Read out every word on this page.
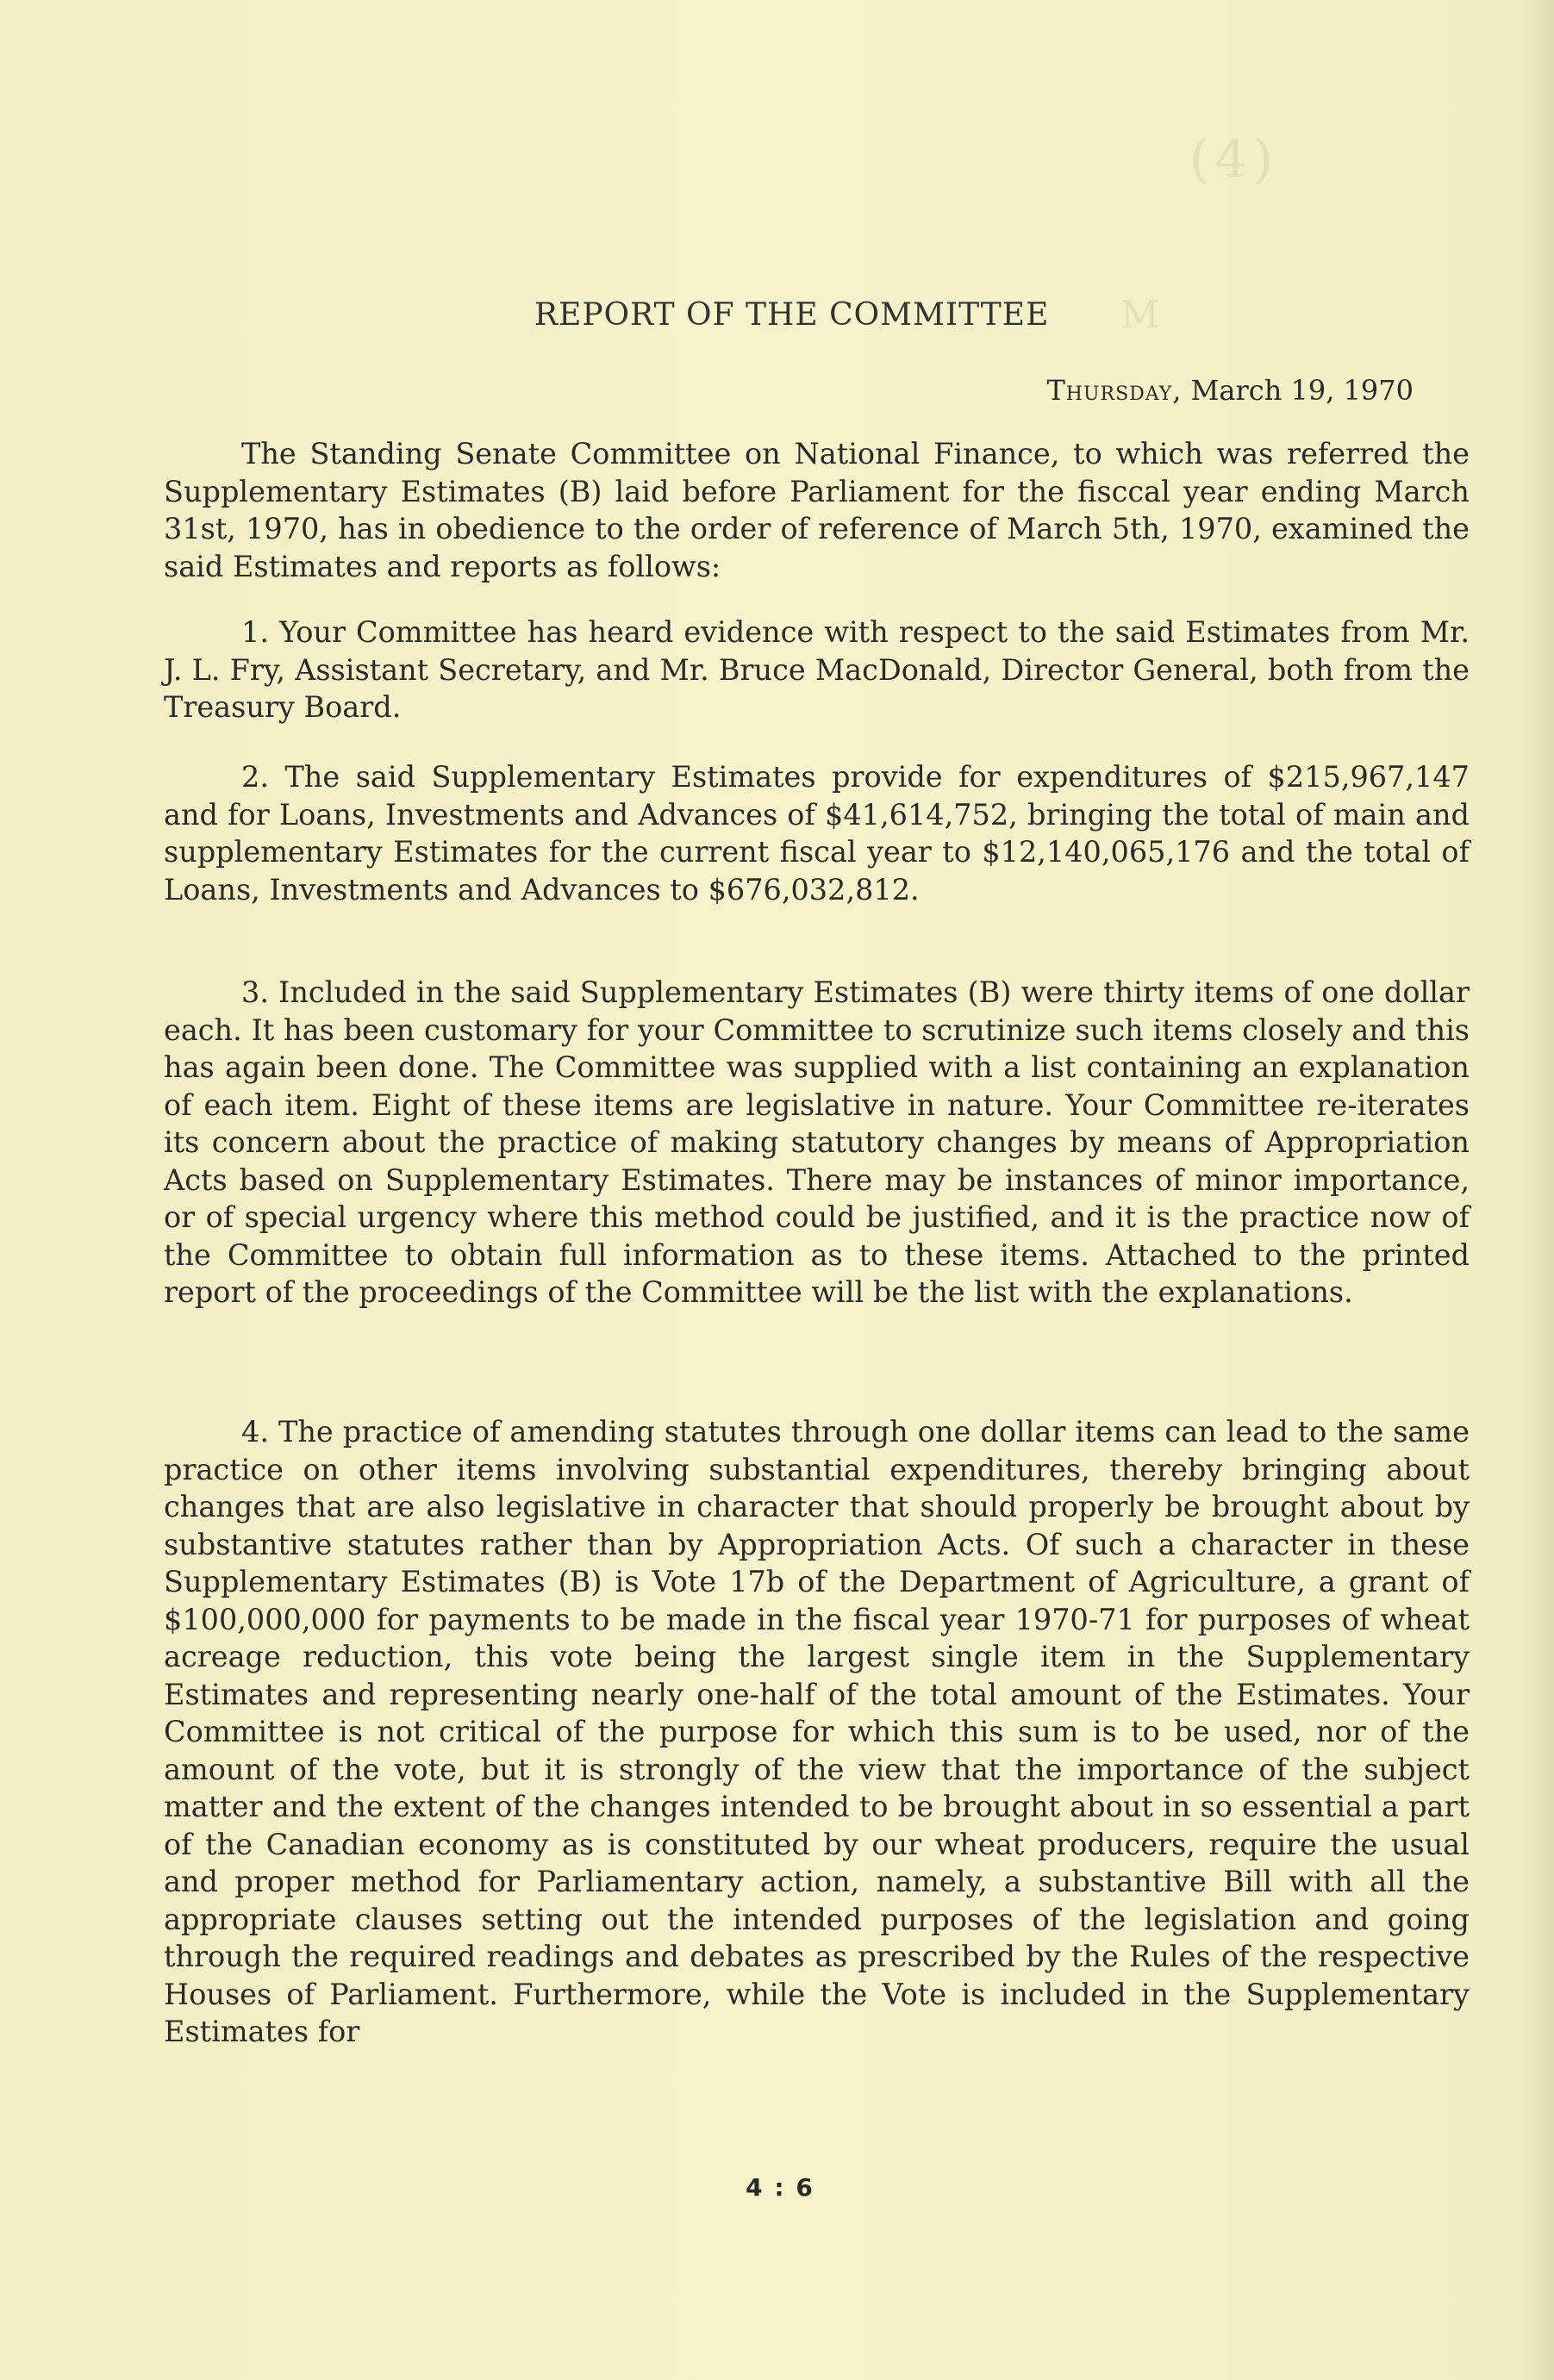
M
(4)
REPORT OF THE COMMITTEE
Thursday, March 19, 1970

The Standing Senate Committee on National Finance, to which was referred the Supplementary Estimates (B) laid before Parliament for the fisccal year ending March 31st, 1970, has in obedience to the order of reference of March 5th, 1970, examined the said Estimates and reports as follows:

1. Your Committee has heard evidence with respect to the said Estimates from Mr. J. L. Fry, Assistant Secretary, and Mr. Bruce MacDonald, Director General, both from the Treasury Board.

2. The said Supplementary Estimates provide for expenditures of $215,967,147 and for Loans, Investments and Advances of $41,614,752, bringing the total of main and supplementary Estimates for the current fiscal year to $12,140,065,176 and the total of Loans, Investments and Advances to $676,032,812.

3. Included in the said Supplementary Estimates (B) were thirty items of one dollar each. It has been customary for your Committee to scrutinize such items closely and this has again been done. The Committee was supplied with a list containing an explanation of each item. Eight of these items are legislative in nature. Your Committee re-iterates its concern about the practice of making statutory changes by means of Appropriation Acts based on Supplementary Estimates. There may be instances of minor importance, or of special urgency where this method could be justified, and it is the practice now of the Committee to obtain full information as to these items. Attached to the printed report of the proceedings of the Committee will be the list with the explanations.

4. The practice of amending statutes through one dollar items can lead to the same practice on other items involving substantial expenditures, thereby bringing about changes that are also legislative in character that should properly be brought about by substantive statutes rather than by Appropriation Acts. Of such a character in these Supplementary Estimates (B) is Vote 17b of the Department of Agriculture, a grant of $100,000,000 for payments to be made in the fiscal year 1970-71 for purposes of wheat acreage reduction, this vote being the largest single item in the Supplementary Estimates and representing nearly one-half of the total amount of the Estimates. Your Committee is not critical of the purpose for which this sum is to be used, nor of the amount of the vote, but it is strongly of the view that the importance of the subject matter and the extent of the changes intended to be brought about in so essential a part of the Canadian economy as is constituted by our wheat producers, require the usual and proper method for Parliamentary action, namely, a substantive Bill with all the appropriate clauses setting out the intended purposes of the legislation and going through the required readings and debates as prescribed by the Rules of the respective Houses of Parliament. Furthermore, while the Vote is included in the Supplementary Estimates for

4 : 6
